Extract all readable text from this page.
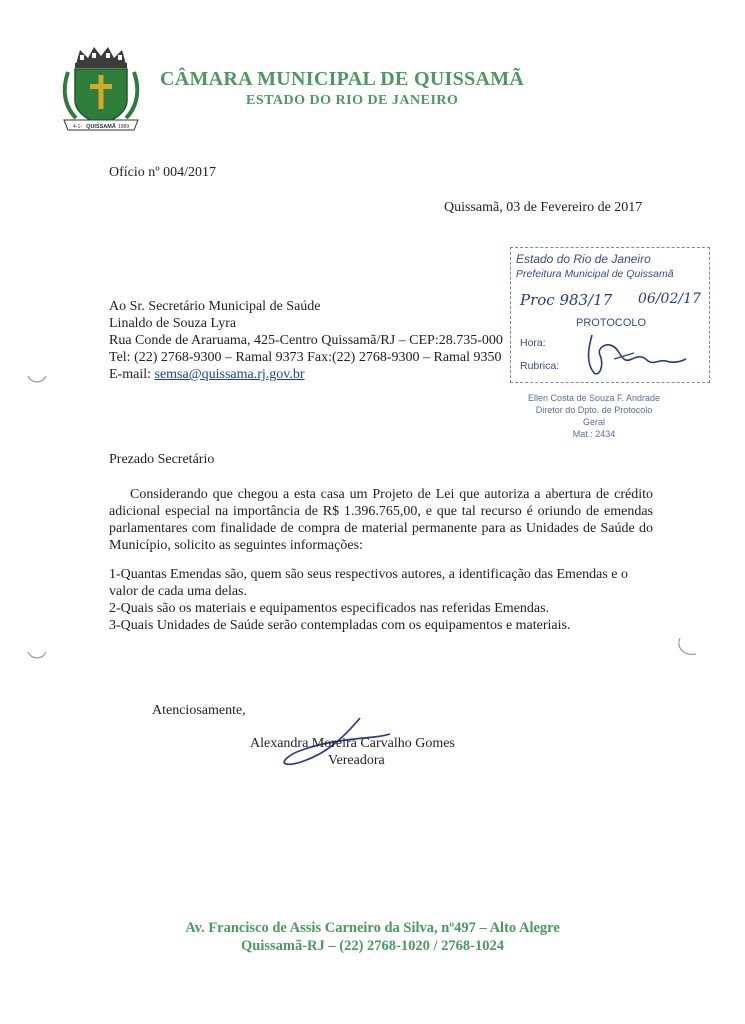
4-1- QUISSAMÃ 1989
CÂMARA MUNICIPAL DE QUISSAMÃ
ESTADO DO RIO DE JANEIRO
Ofício nº 004/2017
Quissamã, 03 de Fevereiro de 2017
Ao Sr. Secretário Municipal de Saúde
Linaldo de Souza Lyra
Rua Conde de Araruama, 425-Centro Quissamã/RJ – CEP:28.735-000
Tel: (22) 2768-9300 – Ramal 9373 Fax:(22) 2768-9300 – Ramal 9350
E-mail: semsa@quissama.rj.gov.br
Estado do Rio de Janeiro
Prefeitura Municipal de Quissamã
Proc 983/17 06/02/17
PROTOCOLO
Hora:
Rubrica:
Ellen Costa de Souza F. Andrade
Diretor do Dpto. de Protocolo Geral
Mat.: 2434
Prezado Secretário
Considerando que chegou a esta casa um Projeto de Lei que autoriza a abertura de crédito adicional especial na importância de R$ 1.396.765,00, e que tal recurso é oriundo de emendas parlamentares com finalidade de compra de material permanente para as Unidades de Saúde do Município, solicito as seguintes informações:
1-Quantas Emendas são, quem são seus respectivos autores, a identificação das Emendas e o valor de cada uma delas.
2-Quais são os materiais e equipamentos especificados nas referidas Emendas.
3-Quais Unidades de Saúde serão contempladas com os equipamentos e materiais.
Atenciosamente,
Alexandra Moreira Carvalho Gomes
Vereadora
Av. Francisco de Assis Carneiro da Silva, nº497 – Alto Alegre
Quissamã-RJ – (22) 2768-1020 / 2768-1024
